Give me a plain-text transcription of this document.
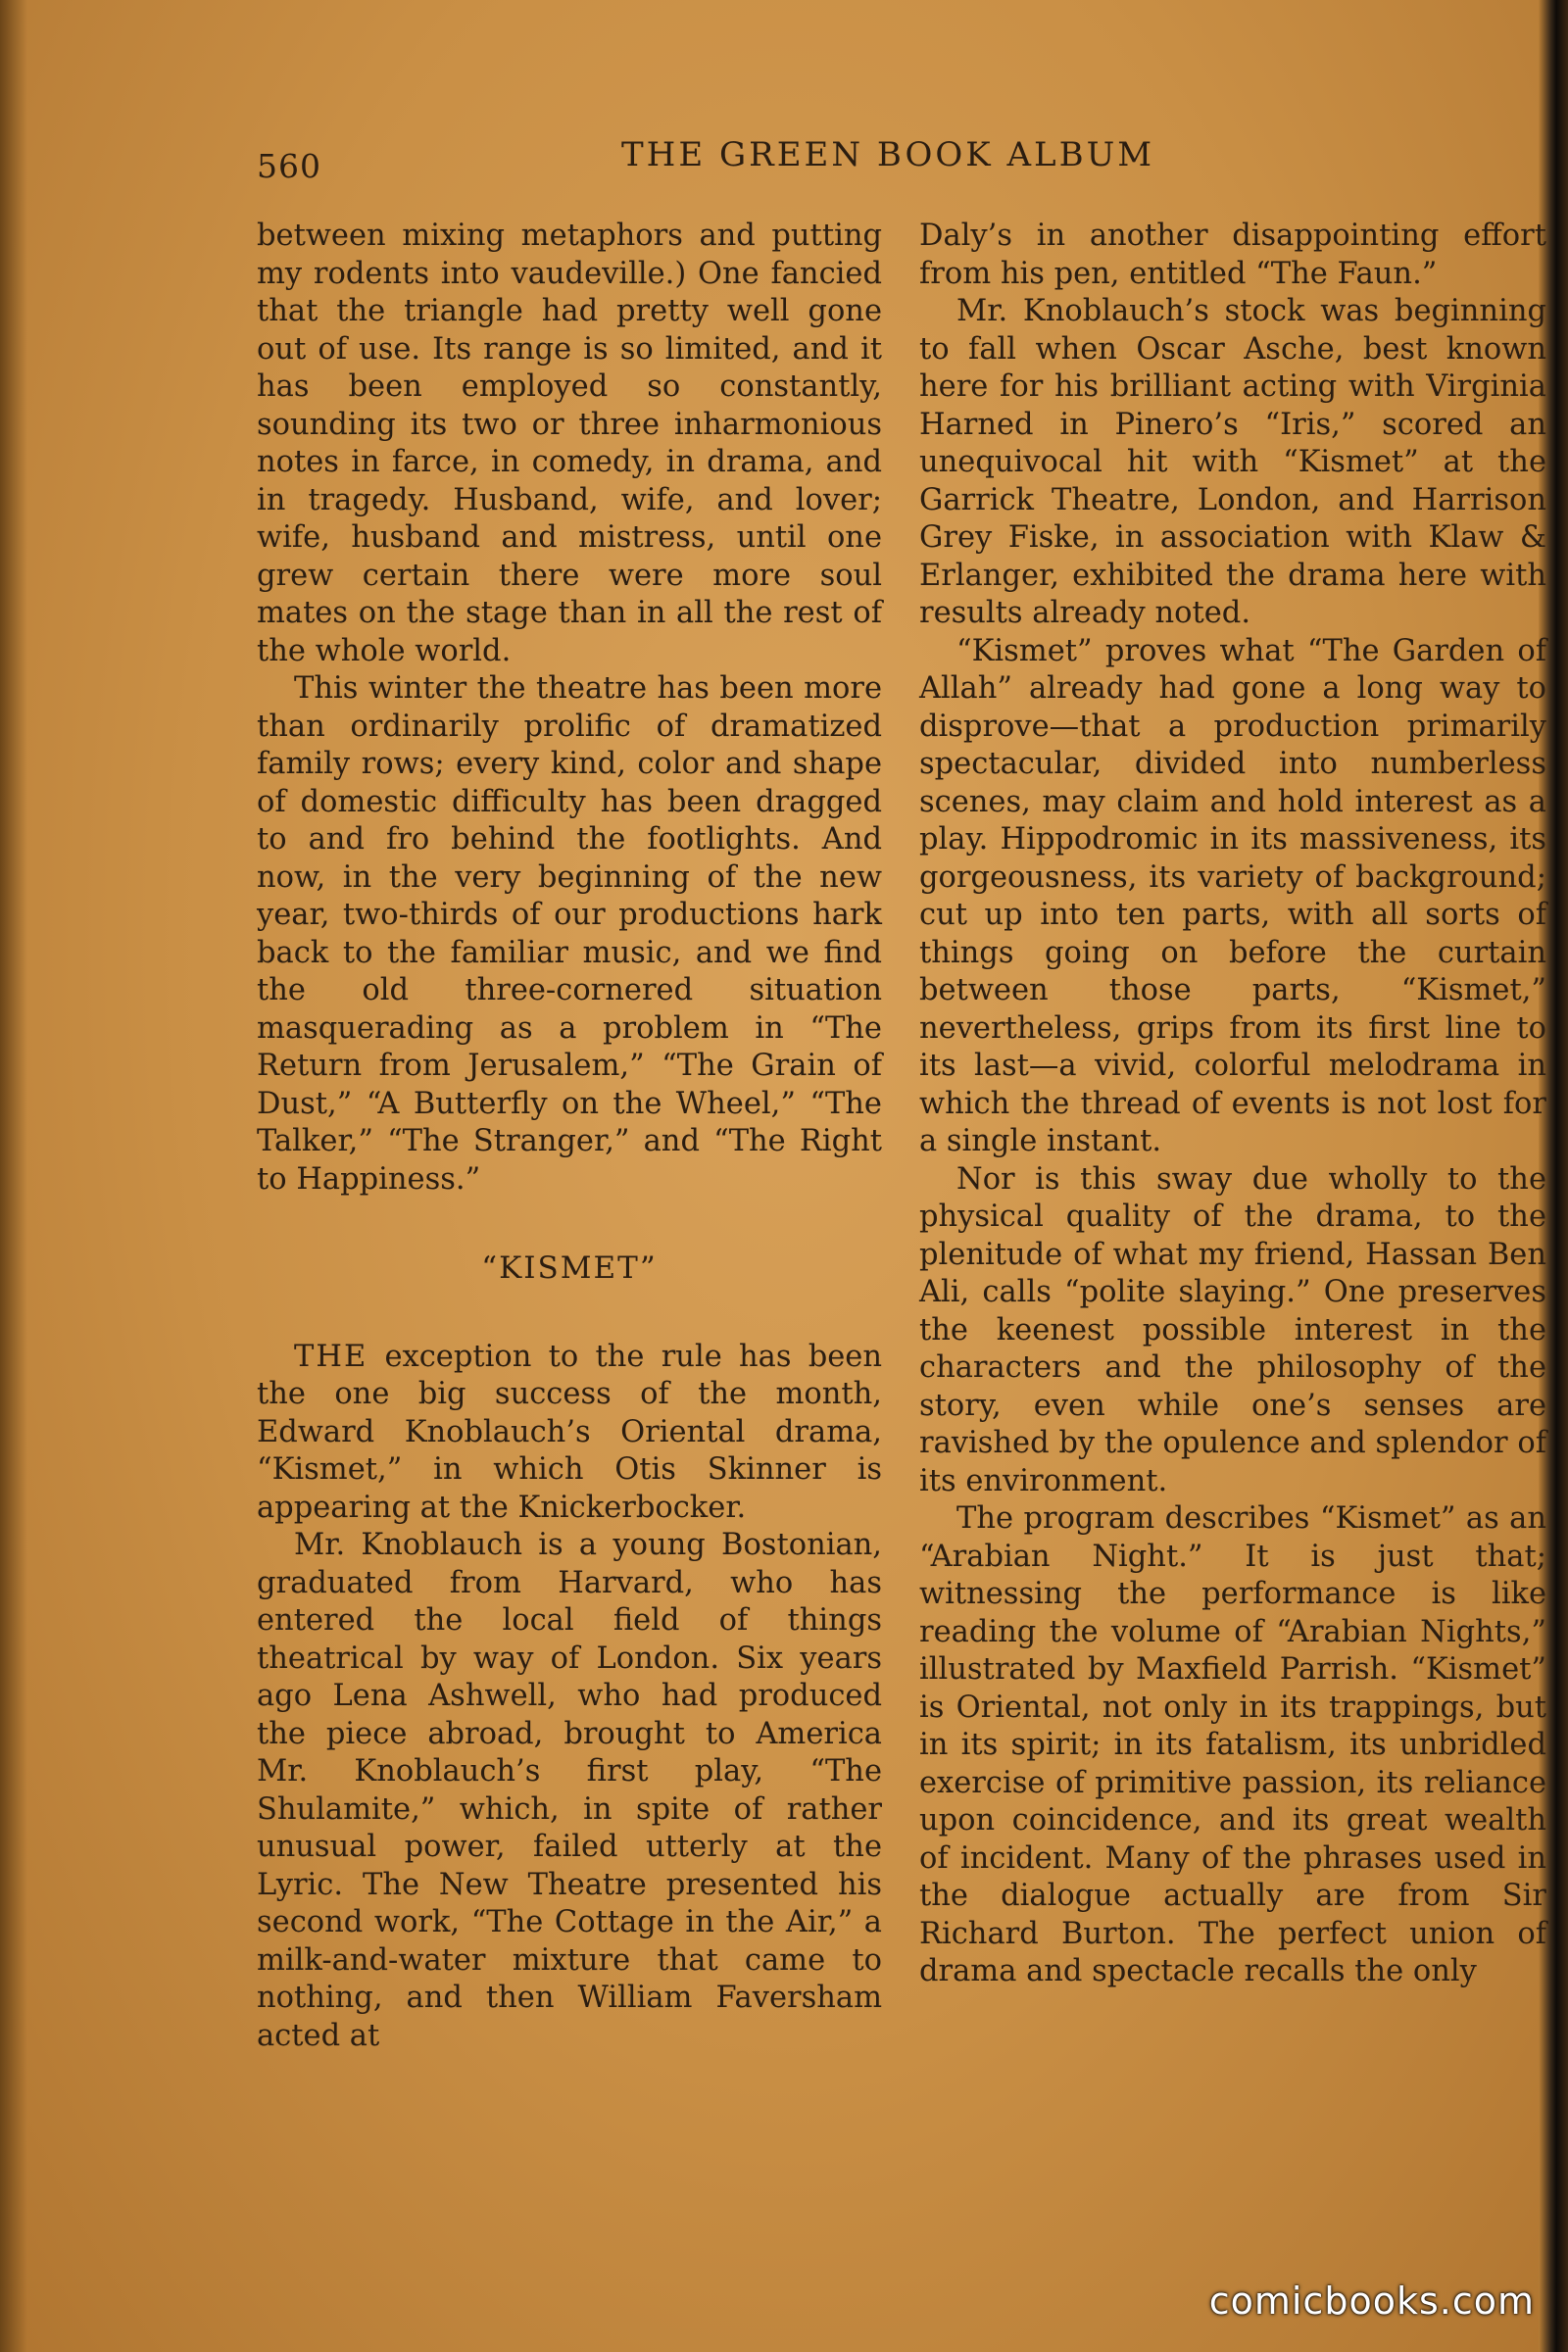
560	THE GREEN BOOK ALBUM

between mixing metaphors and putting my rodents into vaudeville.) One fancied that the triangle had pretty well gone out of use. Its range is so limited, and it has been employed so constantly, sounding its two or three inharmonious notes in farce, in comedy, in drama, and in tragedy. Husband, wife, and lover; wife, husband and mistress, until one grew certain there were more soul mates on the stage than in all the rest of the whole world.

This winter the theatre has been more than ordinarily prolific of dramatized family rows; every kind, color and shape of domestic difficulty has been dragged to and fro behind the footlights. And now, in the very beginning of the new year, two-thirds of our productions hark back to the familiar music, and we find the old three-cornered situation masquerading as a problem in “The Return from Jerusalem,” “The Grain of Dust,” “A Butterfly on the Wheel,” “The Talker,” “The Stranger,” and “The Right to Happiness.”

“KISMET”

THE exception to the rule has been the one big success of the month, Edward Knoblauch’s Oriental drama, “Kismet,” in which Otis Skinner is appearing at the Knickerbocker.

Mr. Knoblauch is a young Bostonian, graduated from Harvard, who has entered the local field of things theatrical by way of London. Six years ago Lena Ashwell, who had produced the piece abroad, brought to America Mr. Knoblauch’s first play, “The Shulamite,” which, in spite of rather unusual power, failed utterly at the Lyric. The New Theatre presented his second work, “The Cottage in the Air,” a milk-and-water mixture that came to nothing, and then William Faversham acted at

Daly’s in another disappointing effort from his pen, entitled “The Faun.”

Mr. Knoblauch’s stock was beginning to fall when Oscar Asche, best known here for his brilliant acting with Virginia Harned in Pinero’s “Iris,” scored an unequivocal hit with “Kismet” at the Garrick Theatre, London, and Harrison Grey Fiske, in association with Klaw & Erlanger, exhibited the drama here with results already noted.

“Kismet” proves what “The Garden of Allah” already had gone a long way to disprove—that a production primarily spectacular, divided into numberless scenes, may claim and hold interest as a play. Hippodromic in its massiveness, its gorgeousness, its variety of background; cut up into ten parts, with all sorts of things going on before the curtain between those parts, “Kismet,” nevertheless, grips from its first line to its last—a vivid, colorful melodrama in which the thread of events is not lost for a single instant.

Nor is this sway due wholly to the physical quality of the drama, to the plenitude of what my friend, Hassan Ben Ali, calls “polite slaying.” One preserves the keenest possible interest in the characters and the philosophy of the story, even while one’s senses are ravished by the opulence and splendor of its environment.

The program describes “Kismet” as an “Arabian Night.” It is just that; witnessing the performance is like reading the volume of “Arabian Nights,” illustrated by Maxfield Parrish. “Kismet” is Oriental, not only in its trappings, but in its spirit; in its fatalism, its unbridled exercise of primitive passion, its reliance upon coincidence, and its great wealth of incident. Many of the phrases used in the dialogue actually are from Sir Richard Burton. The perfect union of drama and spectacle recalls the only

comicbooks.com
